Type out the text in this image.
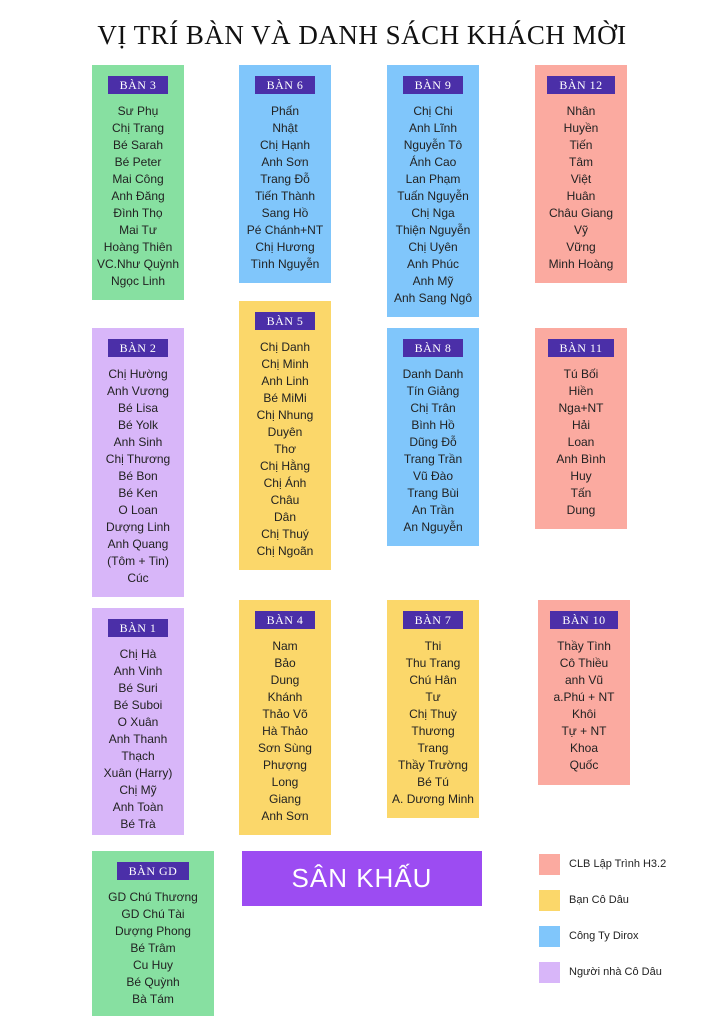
VỊ TRÍ BÀN VÀ DANH SÁCH KHÁCH MỜI
BÀN 3
Sư Phụ
Chị Trang
Bé Sarah
Bé Peter
Mai Công
Anh Đăng
Đình Thọ
Mai Tư
Hoàng Thiên
VC.Như Quỳnh
Ngọc Linh
BÀN 6
Phấn
Nhật
Chị Hạnh
Anh Sơn
Trang Đỗ
Tiến Thành
Sang Hồ
Pé Chánh+NT
Chị Hương
Tình Nguyễn
BÀN 9
Chị Chi
Anh Lĩnh
Nguyễn Tô
Ánh Cao
Lan Phạm
Tuấn Nguyễn
Chị Nga
Thiện Nguyễn
Chị Uyên
Anh Phúc
Anh Mỹ
Anh Sang Ngô
BÀN 12
Nhân
Huyền
Tiến
Tâm
Việt
Huân
Châu Giang
Vỹ
Vững
Minh Hoàng
BÀN 2
Chị Hường
Anh Vương
Bé Lisa
Bé Yolk
Anh Sinh
Chị Thương
Bé Bon
Bé Ken
O Loan
Dượng Linh
Anh Quang
(Tôm + Tin)
Cúc
BÀN 5
Chị Danh
Chị Minh
Anh Linh
Bé MiMi
Chị Nhung
Duyên
Thơ
Chị Hằng
Chị Ánh
Châu
Dân
Chị Thuý
Chị Ngoãn
BÀN 8
Danh Danh
Tín Giảng
Chị Trân
Bình Hồ
Dũng Đỗ
Trang Trần
Vũ Đào
Trang Bùi
An Trần
An Nguyễn
BÀN 11
Tú Bối
Hiền
Nga+NT
Hải
Loan
Anh Bình
Huy
Tấn
Dung
BÀN 1
Chị Hà
Anh Vinh
Bé Suri
Bé Suboi
O Xuân
Anh Thanh
Thạch
Xuân (Harry)
Chị Mỹ
Anh Toàn
Bé Trà
BÀN 4
Nam
Bảo
Dung
Khánh
Thảo Võ
Hà Thảo
Sơn Sùng
Phượng
Long
Giang
Anh Sơn
BÀN 7
Thi
Thu Trang
Chú Hân
Tư
Chị Thuỳ
Thương
Trang
Thầy Trường
Bé Tú
A. Dương Minh
BÀN 10
Thầy Tình
Cô Thiều
anh Vũ
a.Phú + NT
Khôi
Tự + NT
Khoa
Quốc
BÀN GD
GD Chú Thương
GD Chú Tài
Dượng Phong
Bé Trâm
Cu Huy
Bé Quỳnh
Bà Tám
SÂN KHẤU	CLB Lập Trình H3.2
Bạn Cô Dâu
Công Ty Dirox
Người nhà Cô Dâu
